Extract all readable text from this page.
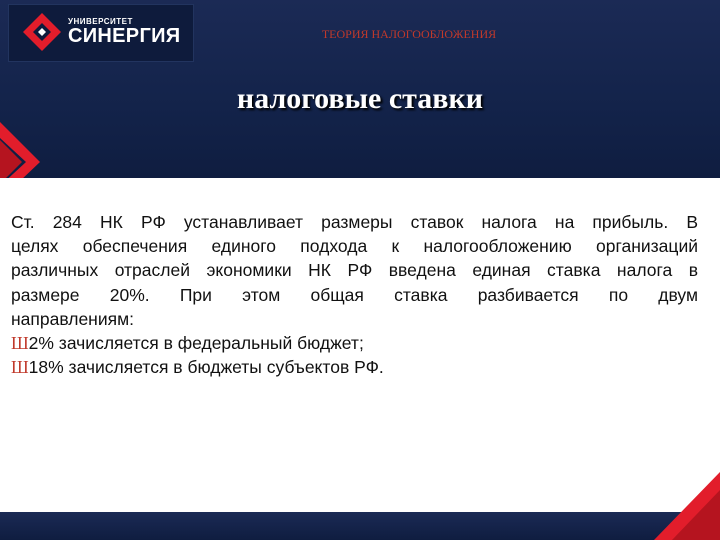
УНИВЕРСИТЕТ
СИНЕРГИЯ	ТЕОРИЯ НАЛОГООБЛОЖЕНИЯ
налоговые ставки
Ст. 284 НК РФ устанавливает размеры ставок налога на прибыль. В
целях обеспечения единого подхода к налогообложению организаций
различных отраслей экономики НК РФ введена единая ставка налога в
размере 20%. При этом общая ставка разбивается по двум
направлениям:
Ш2% зачисляется в федеральный бюджет;
Ш18% зачисляется в бюджеты субъектов РФ.
